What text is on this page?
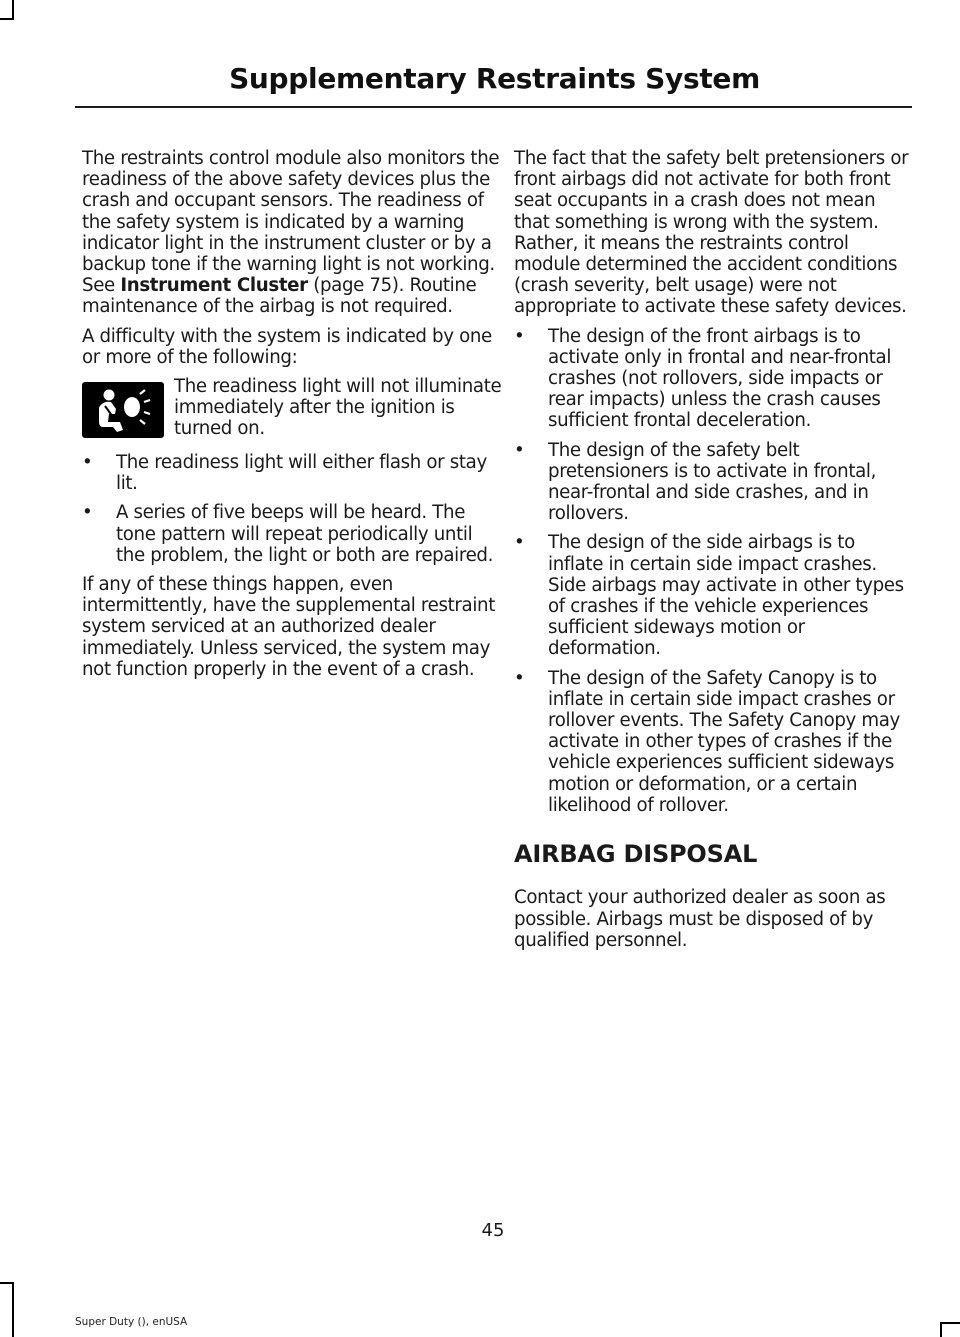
Supplementary Restraints System

The restraints control module also monitors the readiness of the above safety devices plus the crash and occupant sensors. The readiness of the safety system is indicated by a warning indicator light in the instrument cluster or by a backup tone if the warning light is not working. See Instrument Cluster (page 75). Routine maintenance of the airbag is not required.

A difficulty with the system is indicated by one or more of the following:

The readiness light will not illuminate immediately after the ignition is turned on.
• The readiness light will either flash or stay lit.
• A series of five beeps will be heard. The tone pattern will repeat periodically until the problem, the light or both are repaired.

If any of these things happen, even intermittently, have the supplemental restraint system serviced at an authorized dealer immediately. Unless serviced, the system may not function properly in the event of a crash.

The fact that the safety belt pretensioners or front airbags did not activate for both front seat occupants in a crash does not mean that something is wrong with the system. Rather, it means the restraints control module determined the accident conditions (crash severity, belt usage) were not appropriate to activate these safety devices.

• The design of the front airbags is to activate only in frontal and near-frontal crashes (not rollovers, side impacts or rear impacts) unless the crash causes sufficient frontal deceleration.
• The design of the safety belt pretensioners is to activate in frontal, near-frontal and side crashes, and in rollovers.
• The design of the side airbags is to inflate in certain side impact crashes. Side airbags may activate in other types of crashes if the vehicle experiences sufficient sideways motion or deformation.
• The design of the Safety Canopy is to inflate in certain side impact crashes or rollover events. The Safety Canopy may activate in other types of crashes if the vehicle experiences sufficient sideways motion or deformation, or a certain likelihood of rollover.
AIRBAG DISPOSAL

Contact your authorized dealer as soon as possible. Airbags must be disposed of by qualified personnel.

45
Super Duty (), enUSA
